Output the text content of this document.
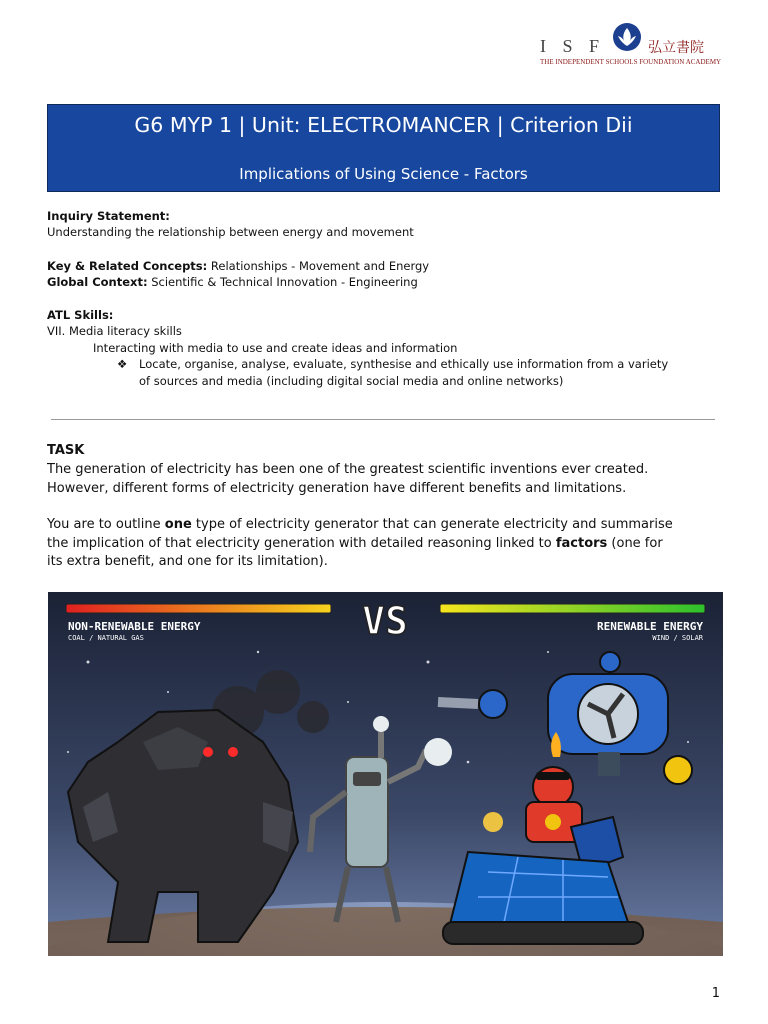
I S F	弘立書院
THE INDEPENDENT SCHOOLS FOUNDATION ACADEMY
G6 MYP 1 | Unit: ELECTROMANCER | Criterion Dii
Implications of Using Science - Factors
Inquiry Statement:
Understanding the relationship between energy and movement
Key & Related Concepts: Relationships - Movement and Energy
Global Context: Scientific & Technical Innovation - Engineering
ATL Skills:
VII. Media literacy skills
Interacting with media to use and create ideas and information
❖ Locate, organise, analyse, evaluate, synthesise and ethically use information from a variety
of sources and media (including digital social media and online networks)
TASK
The generation of electricity has been one of the greatest scientific inventions ever created.
However, different forms of electricity generation have different benefits and limitations.
You are to outline one type of electricity generator that can generate electricity and summarise
the implication of that electricity generation with detailed reasoning linked to factors (one for
its extra benefit, and one for its limitation).
NON-RENEWABLE ENERGY
COAL / NATURAL GAS
RENEWABLE ENERGY
WIND / SOLAR
VS
1
